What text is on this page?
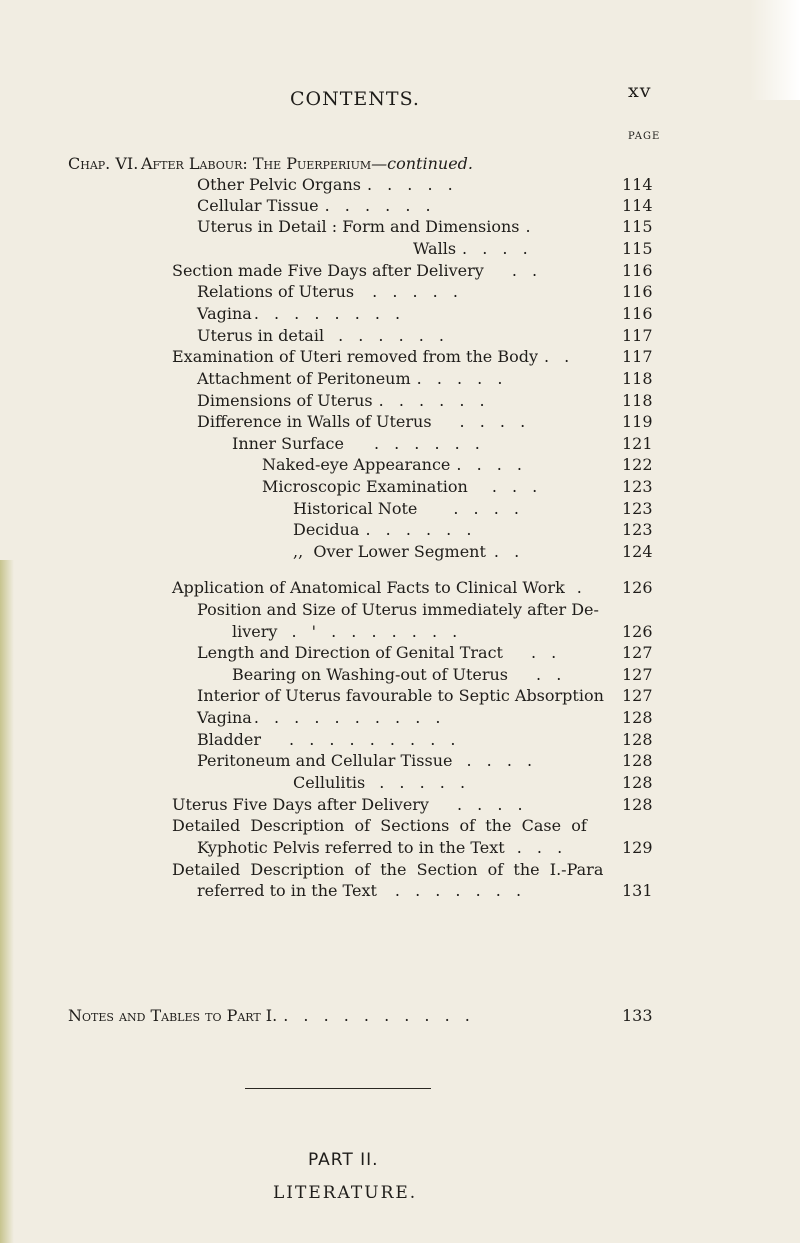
CONTENTS.	xv
PAGE
Chap. VI. After Labour: The Puerperium—continued.
Other Pelvic Organs . . . . .	114
Cellular Tissue . . . . . .	114
Uterus in Detail : Form and Dimensions .	115
Walls . . . .	115
Section made Five Days after Delivery . .	116
Relations of Uterus . . . . .	116
Vagina . . . . . . . .	116
Uterus in detail . . . . . .	117
Examination of Uteri removed from the Body . .	117
Attachment of Peritoneum . . . . .	118
Dimensions of Uterus . . . . . .	118
Difference in Walls of Uterus . . . .	119
Inner Surface . . . . . .	121
Naked-eye Appearance . . . .	122
Microscopic Examination . . .	123
Historical Note . . . .	123
Decidua . . . . . .	123
,,  Over Lower Segment . .	124
Application of Anatomical Facts to Clinical Work . 126
Position and Size of Uterus immediately after De-
livery . ' . . . . . . .	126
Length and Direction of Genital Tract . .	127
Bearing on Washing-out of Uterus . .	127
Interior of Uterus favourable to Septic Absorption 127
Vagina . . . . . . . . . .	128
Bladder . . . . . . . . .	128
Peritoneum and Cellular Tissue . . . .	128
Cellulitis . . . . .	128
Uterus Five Days after Delivery . . . .	128
Detailed  Description  of  Sections  of  the  Case  of
Kyphotic Pelvis referred to in the Text . . .	129
Detailed  Description  of  the  Section  of  the  I.-Para
referred to in the Text . . . . . . .	131
Notes and Tables to Part I. . . . . . . . . . .	133
PART II.
LITERATURE.
